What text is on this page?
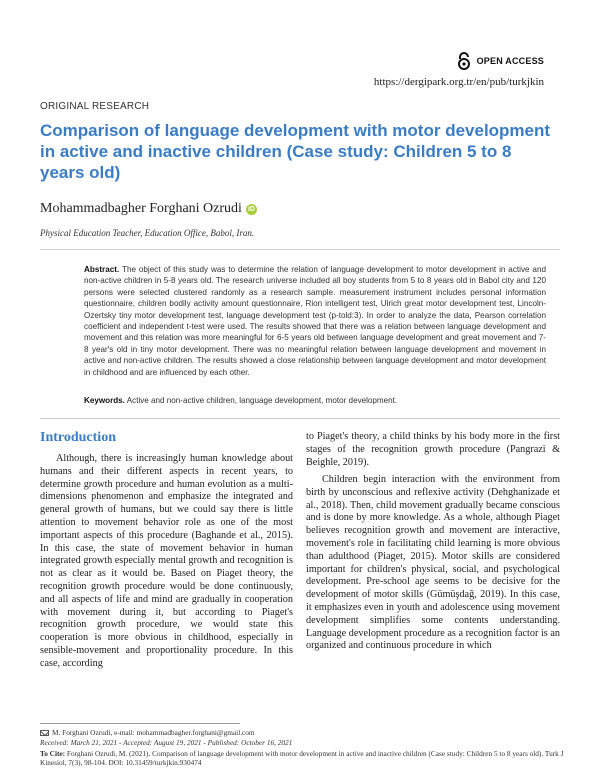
OPEN ACCESS
https://dergipark.org.tr/en/pub/turkjkin
ORIGINAL RESEARCH
Comparison of language development with motor development in active and inactive children (Case study: Children 5 to 8 years old)
Mohammadbagher Forghani Ozrudi iD
Physical Education Teacher, Education Office, Babol, Iran.

Abstract. The object of this study was to determine the relation of language development to motor development in active and non-active children in 5-8 years old. The research universe included all boy students from 5 to 8 years old in Babol city and 120 persons were selected clustered randomly as a research sample. measurement instrument includes personal information questionnaire, children bodily activity amount questionnaire, Rion intelligent test, Ulrich great motor development test, Lincoln-Ozertsky tiny motor development test, language development test (p-told:3). In order to analyze the data, Pearson correlation coefficient and independent t-test were used. The results showed that there was a relation between language development and movement and this relation was more meaningful for 6-5 years old between language development and great movement and 7-8 year's old in tiny motor development. There was no meaningful relation between language development and movement in active and non-active children. The results showed a close relationship between language development and motor development in childhood and are influenced by each other.

Keywords. Active and non-active children, language development, motor development.

Introduction

Although, there is increasingly human knowledge about humans and their different aspects in recent years, to determine growth procedure and human evolution as a multi-dimensions phenomenon and emphasize the integrated and general growth of humans, but we could say there is little attention to movement behavior role as one of the most important aspects of this procedure (Baghande et al., 2015). In this case, the state of movement behavior in human integrated growth especially mental growth and recognition is not as clear as it would be. Based on Piaget theory, the recognition growth procedure would be done continuously, and all aspects of life and mind are gradually in cooperation with movement during it, but according to Piaget's recognition growth procedure, we would state this cooperation is more obvious in childhood, especially in sensible-movement and proportionality procedure. In this case, according

to Piaget's theory, a child thinks by his body more in the first stages of the recognition growth procedure (Pangrazi & Beighle, 2019).

Children begin interaction with the environment from birth by unconscious and reflexive activity (Dehghanizade et al., 2018). Then, child movement gradually became conscious and is done by more knowledge. As a whole, although Piaget believes recognition growth and movement are interactive, movement's role in facilitating child learning is more obvious than adulthood (Piaget, 2015). Motor skills are considered important for children's physical, social, and psychological development. Pre-school age seems to be decisive for the development of motor skills (Gümüşdağ, 2019). In this case, it emphasizes even in youth and adolescence using movement development simplifies some contents understanding. Language development procedure as a recognition factor is an organized and continuous procedure in which

M. Forghani Ozrudi, e-mail: mohammadbagher.forghani@gmail.com
Received: March 21, 2021 - Accepted: August 19, 2021 - Published: October 16, 2021
To Cite: Forghani Ozrudi, M. (2021). Comparison of language development with motor development in active and inactive children (Case study: Children 5 to 8 years old). Turk J Kinesiol, 7(3), 98-104. DOI: 10.31459/turkjkin.930474
